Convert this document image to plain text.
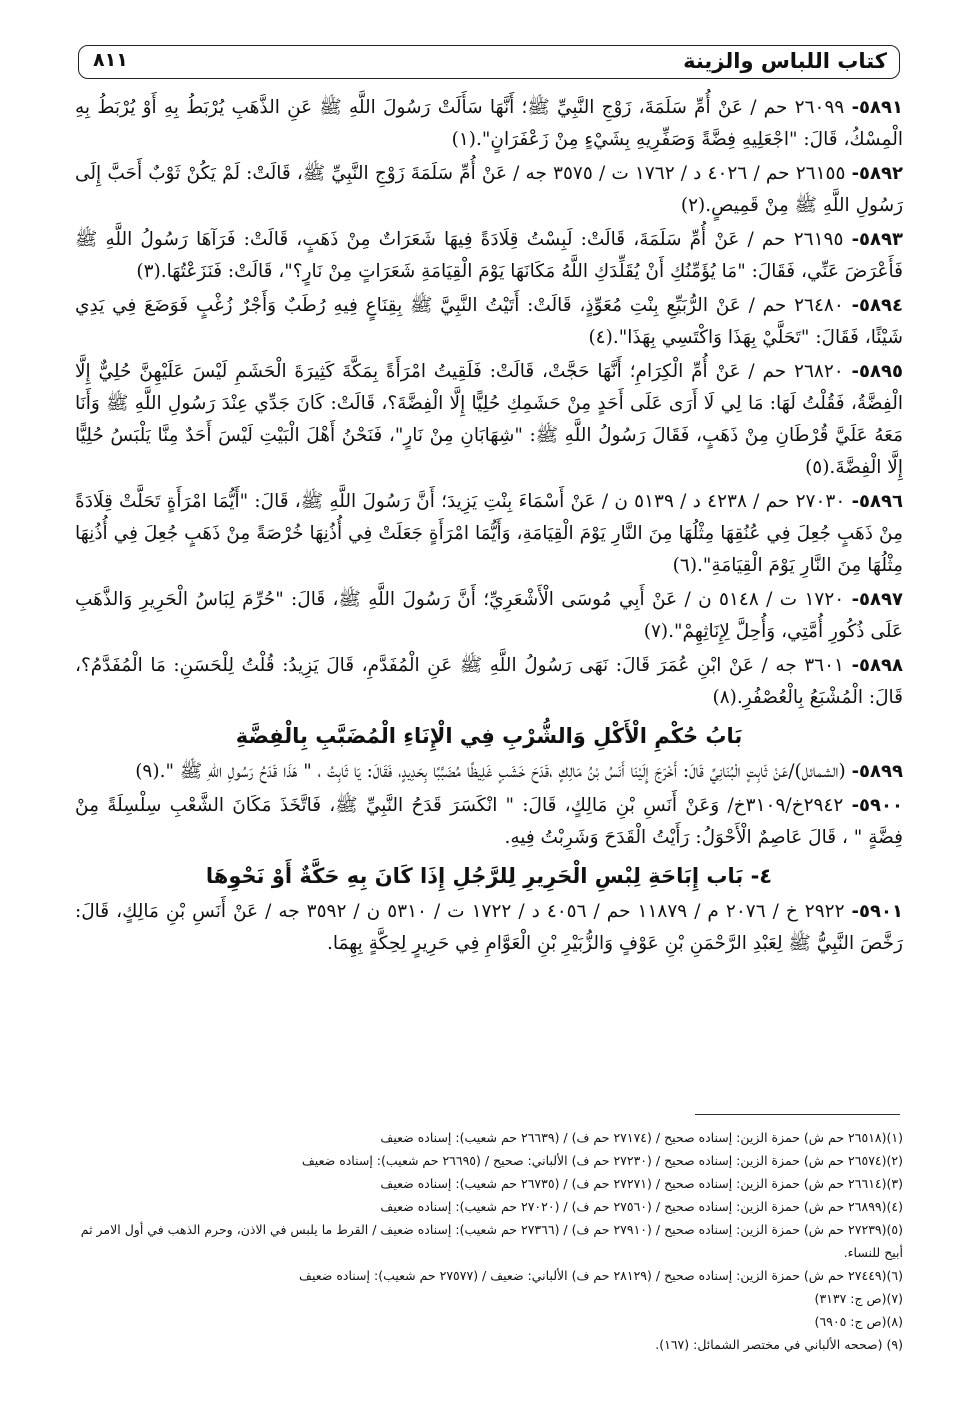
كتاب اللباس والزينة
٨١١

٥٨٩١- ٢٦٠٩٩ حم / عَنْ أُمِّ سَلَمَةَ، زَوْجِ النَّبِيِّ ﷺ؛ أَنَّهَا سَأَلَتْ رَسُولَ اللَّهِ ﷺ عَنِ الذَّهَبِ يُرْبَطُ بِهِ أَوْ يُرْبَطُ بِهِ الْمِسْكُ، قَالَ: "اجْعَلِيهِ فِضَّةً وَصَفِّرِيهِ بِشَيْءٍ مِنْ زَعْفَرَانٍ".(١)

٥٨٩٢- ٢٦١٥٥ حم / ٤٠٢٦ د / ١٧٦٢ ت / ٣٥٧٥ جه / عَنْ أُمِّ سَلَمَةَ زَوْجِ النَّبِيِّ ﷺ، قَالَتْ: لَمْ يَكُنْ ثَوْبٌ أَحَبَّ إِلَى رَسُولِ اللَّهِ ﷺ مِنْ قَمِيصٍ.(٢)

٥٨٩٣- ٢٦١٩٥ حم / عَنْ أُمِّ سَلَمَةَ، قَالَتْ: لَبِسْتُ قِلَادَةً فِيهَا شَعَرَاتٌ مِنْ ذَهَبٍ، قَالَتْ: فَرَآهَا رَسُولُ اللَّهِ ﷺ فَأَعْرَضَ عَنِّي، فَقَالَ: "مَا يُؤَمِّنُكِ أَنْ يُقَلِّدَكِ اللَّهُ مَكَانَهَا يَوْمَ الْقِيَامَةِ شَعَرَاتٍ مِنْ نَارٍ؟"، قَالَتْ: فَنَزَعْتُهَا.(٣)

٥٨٩٤- ٢٦٤٨٠ حم / عَنْ الرُّبَيِّعِ بِنْتِ مُعَوِّذٍ، قَالَتْ: أَتَيْتُ النَّبِيَّ ﷺ بِقِنَاعٍ فِيهِ رُطَبٌ وَأَجْرٌ زُغْبٍ فَوَضَعَ فِي يَدِي شَيْئًا، فَقَالَ: "تَحَلَّيْ بِهَذَا وَاكْتَسِي بِهَذَا".(٤)

٥٨٩٥- ٢٦٨٢٠ حم / عَنْ أُمِّ الْكِرَامِ؛ أَنَّهَا حَجَّتْ، قَالَتْ: فَلَقِيتُ امْرَأَةً بِمَكَّةَ كَثِيرَةَ الْحَشَمِ لَيْسَ عَلَيْهِنَّ حُلِيٌّ إِلَّا الْفِضَّةُ، فَقُلْتُ لَهَا: مَا لِي لَا أَرَى عَلَى أَحَدٍ مِنْ حَشَمِكِ حُلِيًّا إِلَّا الْفِضَّةَ؟، قَالَتْ: كَانَ جَدِّي عِنْدَ رَسُولِ اللَّهِ ﷺ وَأَنَا مَعَهُ عَلَيَّ قُرْطَانِ مِنْ ذَهَبٍ، فَقَالَ رَسُولُ اللَّهِ ﷺ: "شِهَابَانِ مِنْ نَارٍ"، فَنَحْنُ أَهْلَ الْبَيْتِ لَيْسَ أَحَدٌ مِنَّا يَلْبَسُ حُلِيًّا إِلَّا الْفِضَّةَ.(٥)

٥٨٩٦- ٢٧٠٣٠ حم / ٤٢٣٨ د / ٥١٣٩ ن / عَنْ أَسْمَاءَ بِنْتِ يَزِيدَ؛ أَنَّ رَسُولَ اللَّهِ ﷺ، قَالَ: "أَيُّمَا امْرَأَةٍ تَحَلَّتْ قِلَادَةً مِنْ ذَهَبٍ جُعِلَ فِي عُنُقِهَا مِثْلُهَا مِنَ النَّارِ يَوْمَ الْقِيَامَةِ، وَأَيُّمَا امْرَأَةٍ جَعَلَتْ فِي أُذُنِهَا خُرْصَةً مِنْ ذَهَبٍ جُعِلَ فِي أُذُنِهَا مِثْلُهَا مِنَ النَّارِ يَوْمَ الْقِيَامَةِ".(٦)

٥٨٩٧- ١٧٢٠ ت / ٥١٤٨ ن / عَنْ أَبِي مُوسَى الْأَشْعَرِيِّ؛ أَنَّ رَسُولَ اللَّهِ ﷺ، قَالَ: "حُرِّمَ لِبَاسُ الْحَرِيرِ وَالذَّهَبِ عَلَى ذُكُورِ أُمَّتِي، وَأُحِلَّ لِإِنَاثِهِمْ".(٧)

٥٨٩٨- ٣٦٠١ جه / عَنْ ابْنِ عُمَرَ قَالَ: نَهَى رَسُولُ اللَّهِ ﷺ عَنِ الْمُفَدَّمِ، قَالَ يَزِيدُ: قُلْتُ لِلْحَسَنِ: مَا الْمُفَدَّمُ؟، قَالَ: الْمُشْبَعُ بِالْعُصْفُرِ.(٨)

بَابُ حُكْمِ الْأَكْلِ وَالشُّرْبِ فِي الْإِنَاءِ الْمُضَبَّبِ بِالْفِضَّةِ

٥٨٩٩- (الشمائل)/عَنْ ثَابِتٍ الْبُنَانِيِّ قَالَ: أَخْرَجَ إِلَيْنَا أَنَسُ بْنُ مَالِكٍ ،قَدَحَ خَشَبٍ غَلِيظًا مُضَبَّبًا بِحَدِيدٍ، فَقَالَ: يَا ثَابِتُ ، " هَذَا قَدَحُ رَسُولِ اللهِ ﷺ ".(٩)

٥٩٠٠- ٢٩٤٢خ/٣١٠٩خ/ وَعَنْ أَنَسِ بْنِ مَالِكٍ، قَالَ: " انْكَسَرَ قَدَحُ النَّبِيِّ ﷺ، فَاتَّخَذَ مَكَانَ الشَّعْبِ سِلْسِلَةً مِنْ فِضَّةٍ " ، قَالَ عَاصِمٌ الْأَحْوَلُ: رَأَيْتُ الْقَدَحَ وَشَرِبْتُ فِيهِ.

٤- بَاب إِبَاحَةِ لِبْسِ الْحَرِيرِ لِلرَّجُلِ إِذَا كَانَ بِهِ حَكَّةٌ أَوْ نَحْوِهَا

٥٩٠١- ٢٩٢٢ خ / ٢٠٧٦ م / ١١٨٧٩ حم / ٤٠٥٦ د / ١٧٢٢ ت / ٥٣١٠ ن / ٣٥٩٢ جه / عَنْ أَنَسِ بْنِ مَالِكٍ، قَالَ: رَخَّصَ النَّبِيُّ ﷺ لِعَبْدِ الرَّحْمَنِ بْنِ عَوْفٍ وَالزُّبَيْرِ بْنِ الْعَوَّامِ فِي حَرِيرٍ لِحِكَّةٍ بِهِمَا.

(١)(٢٦٥١٨ حم ش) حمزة الزين: إسناده صحيح / (٢٧١٧٤ حم ف) / (٢٦٦٣٩ حم شعيب): إسناده ضعيف

(٢)(٢٦٥٧٤ حم ش) حمزة الزين: إسناده صحيح / (٢٧٢٣٠ حم ف) الألباني: صحيح / (٢٦٦٩٥ حم شعيب): إسناده ضعيف

(٣)(٢٦٦١٤ حم ش) حمزة الزين: إسناده صحيح / (٢٧٢٧١ حم ف) / (٢٦٧٣٥ حم شعيب): إسناده ضعيف

(٤)(٢٦٨٩٩ حم ش) حمزة الزين: إسناده صحيح / (٢٧٥٦٠ حم ف) / (٢٧٠٢٠ حم شعيب): إسناده ضعيف

(٥)(٢٧٢٣٩ حم ش) حمزة الزين: إسناده صحيح / (٢٧٩١٠ حم ف) / (٢٧٣٦٦ حم شعيب): إسناده ضعيف / القرط ما يلبس في الاذن، وحرم الذهب في أول الامر ثم أبيح للنساء.

(٦)(٢٧٤٤٩ حم ش) حمزة الزين: إسناده صحيح / (٢٨١٢٩ حم ف) الألباني: ضعيف / (٢٧٥٧٧ حم شعيب): إسناده ضعيف

(٧)(ص ج: ٣١٣٧)

(٨)(ص ج: ٦٩٠٥)

(٩) (صححه الألباني في مختصر الشمائل: (١٦٧).
